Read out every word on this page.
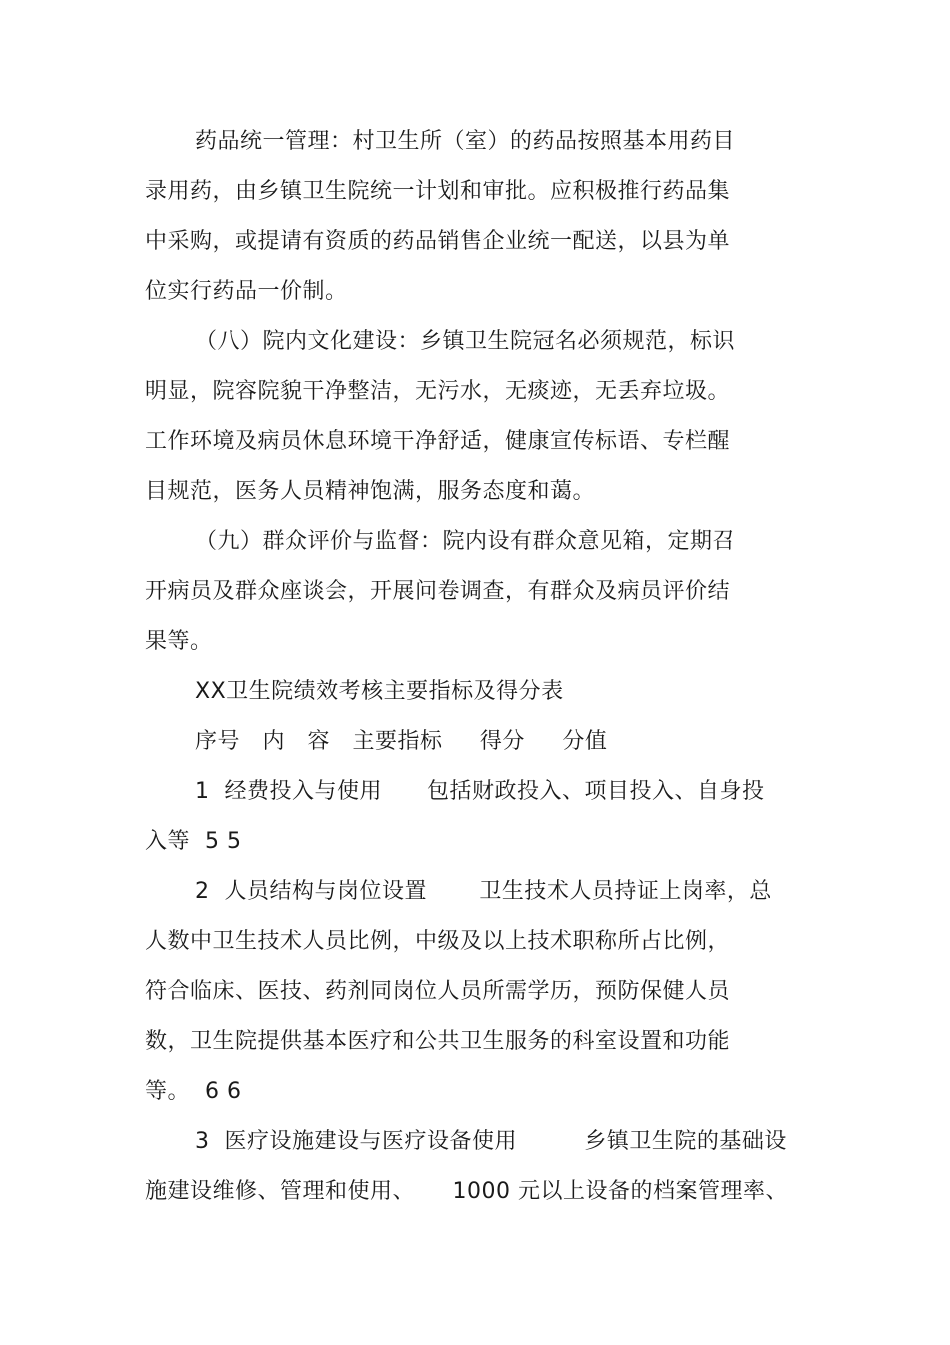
药品统一管理：村卫生所（室）的药品按照基本用药目
录用药，由乡镇卫生院统一计划和审批。应积极推行药品集
中采购，或提请有资质的药品销售企业统一配送，以县为单
位实行药品一价制。
（八）院内文化建设：乡镇卫生院冠名必须规范，标识
明显，院容院貌干净整洁，无污水，无痰迹，无丢弃垃圾。
工作环境及病员休息环境干净舒适，健康宣传标语、专栏醒
目规范，医务人员精神饱满，服务态度和蔼。
（九）群众评价与监督：院内设有群众意见箱，定期召
开病员及群众座谈会，开展问卷调查，有群众及病员评价结
果等。
XX卫生院绩效考核主要指标及得分表
序号   内   容   主要指标     得分     分值
1  经费投入与使用      包括财政投入、项目投入、自身投
入等  5 5
2  人员结构与岗位设置       卫生技术人员持证上岗率，总
人数中卫生技术人员比例，中级及以上技术职称所占比例，
符合临床、医技、药剂同岗位人员所需学历，预防保健人员
数，卫生院提供基本医疗和公共卫生服务的科室设置和功能
等。  6 6
3  医疗设施建设与医疗设备使用         乡镇卫生院的基础设
施建设维修、管理和使用、     1000 元以上设备的档案管理率、
